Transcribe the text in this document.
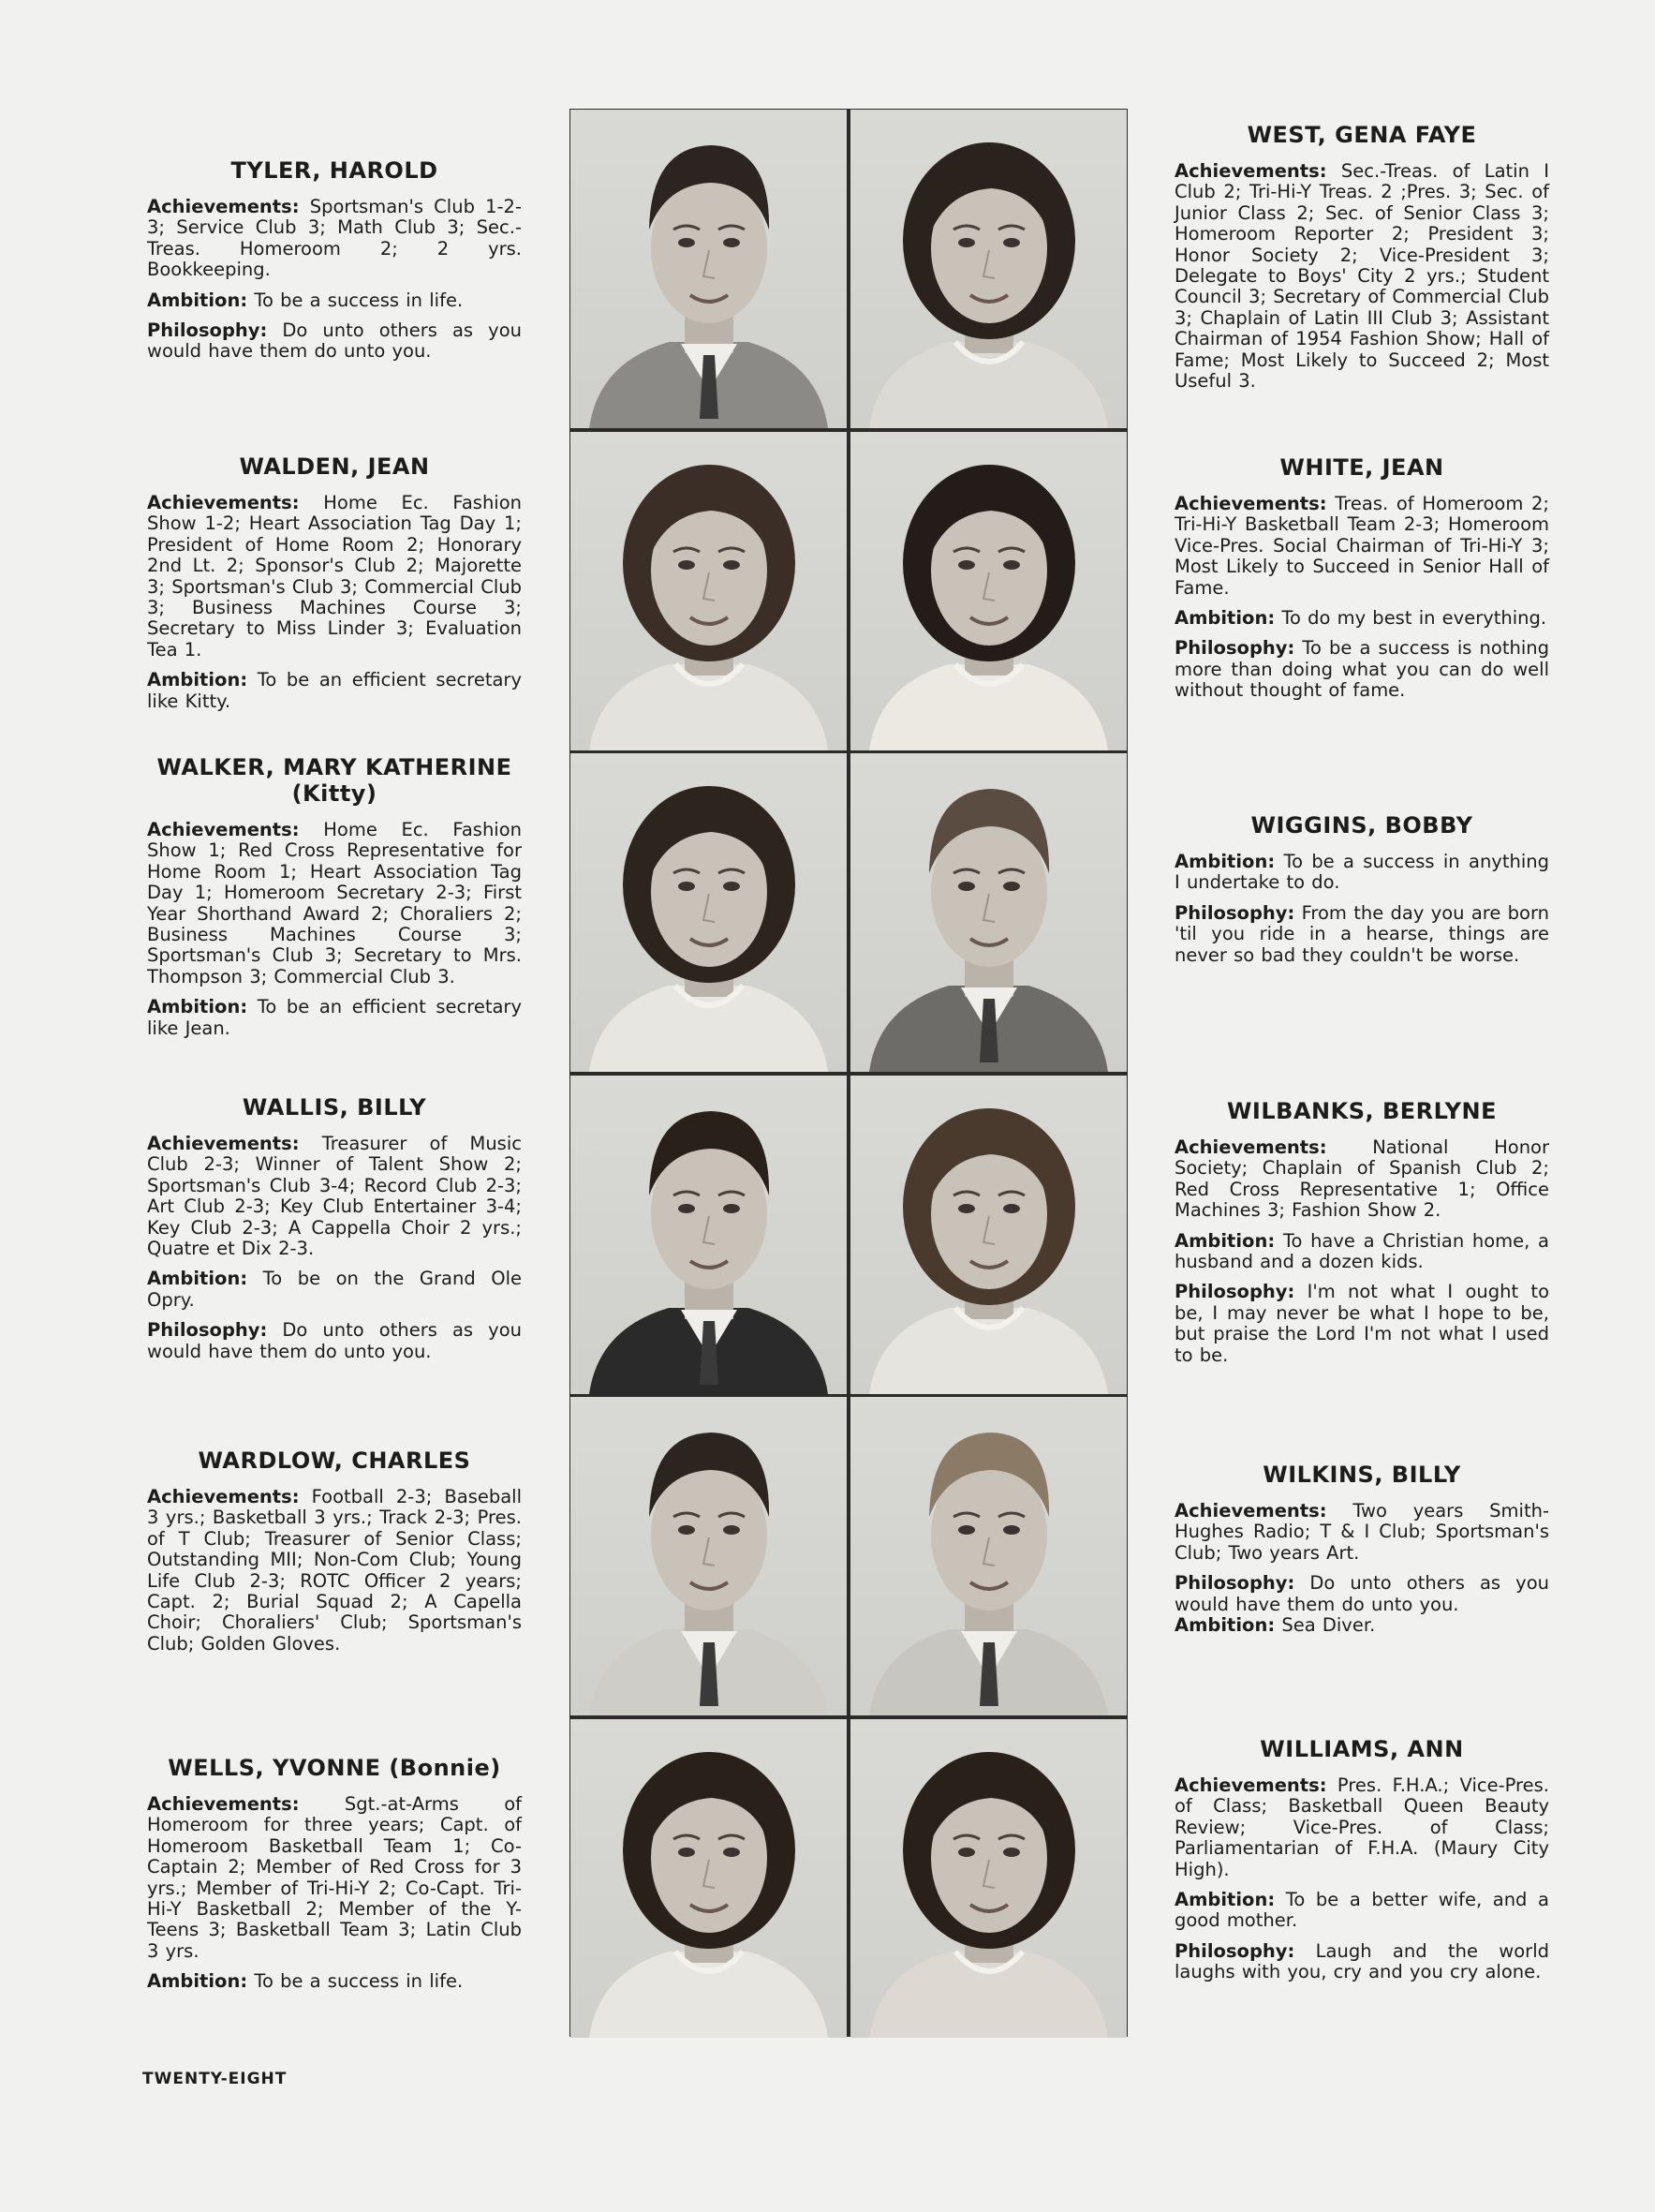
TYLER, HAROLD

Achievements: Sportsman's Club 1-2-3; Service Club 3; Math Club 3; Sec.-Treas. Homeroom 2; 2 yrs. Bookkeeping.

Ambition: To be a success in life.

Philosophy: Do unto others as you would have them do unto you.

WALDEN, JEAN

Achievements: Home Ec. Fashion Show 1-2; Heart Association Tag Day 1; President of Home Room 2; Honorary 2nd Lt. 2; Sponsor's Club 2; Majorette 3; Sportsman's Club 3; Commercial Club 3; Business Machines Course 3; Secretary to Miss Linder 3; Evaluation Tea 1.

Ambition: To be an efficient secretary like Kitty.

WALKER, MARY KATHERINE
(Kitty)

Achievements: Home Ec. Fashion Show 1; Red Cross Representative for Home Room 1; Heart Association Tag Day 1; Homeroom Secretary 2-3; First Year Shorthand Award 2; Choraliers 2; Business Machines Course 3; Sportsman's Club 3; Secretary to Mrs. Thompson 3; Commercial Club 3.

Ambition: To be an efficient secretary like Jean.

WALLIS, BILLY

Achievements: Treasurer of Music Club 2-3; Winner of Talent Show 2; Sportsman's Club 3-4; Record Club 2-3; Art Club 2-3; Key Club Entertainer 3-4; Key Club 2-3; A Cappella Choir 2 yrs.; Quatre et Dix 2-3.

Ambition: To be on the Grand Ole Opry.

Philosophy: Do unto others as you would have them do unto you.

WARDLOW, CHARLES

Achievements: Football 2-3; Baseball 3 yrs.; Basketball 3 yrs.; Track 2-3; Pres. of T Club; Treasurer of Senior Class; Outstanding MII; Non-Com Club; Young Life Club 2-3; ROTC Officer 2 years; Capt. 2; Burial Squad 2; A Capella Choir; Choraliers' Club; Sportsman's Club; Golden Gloves.

WELLS, YVONNE (Bonnie)

Achievements: Sgt.-at-Arms of Homeroom for three years; Capt. of Homeroom Basketball Team 1; Co-Captain 2; Member of Red Cross for 3 yrs.; Member of Tri-Hi-Y 2; Co-Capt. Tri-Hi-Y Basketball 2; Member of the Y-Teens 3; Basketball Team 3; Latin Club 3 yrs.

Ambition: To be a success in life.

WEST, GENA FAYE

Achievements: Sec.-Treas. of Latin I Club 2; Tri-Hi-Y Treas. 2 ;Pres. 3; Sec. of Junior Class 2; Sec. of Senior Class 3; Homeroom Reporter 2; President 3; Honor Society 2; Vice-President 3; Delegate to Boys' City 2 yrs.; Student Council 3; Secretary of Commercial Club 3; Chaplain of Latin III Club 3; Assistant Chairman of 1954 Fashion Show; Hall of Fame; Most Likely to Succeed 2; Most Useful 3.

WHITE, JEAN

Achievements: Treas. of Homeroom 2; Tri-Hi-Y Basketball Team 2-3; Homeroom Vice-Pres. Social Chairman of Tri-Hi-Y 3; Most Likely to Succeed in Senior Hall of Fame.

Ambition: To do my best in everything.

Philosophy: To be a success is nothing more than doing what you can do well without thought of fame.

WIGGINS, BOBBY

Ambition: To be a success in anything I undertake to do.

Philosophy: From the day you are born 'til you ride in a hearse, things are never so bad they couldn't be worse.

WILBANKS, BERLYNE

Achievements: National Honor Society; Chaplain of Spanish Club 2; Red Cross Representative 1; Office Machines 3; Fashion Show 2.

Ambition: To have a Christian home, a husband and a dozen kids.

Philosophy: I'm not what I ought to be, I may never be what I hope to be, but praise the Lord I'm not what I used to be.

WILKINS, BILLY

Achievements: Two years Smith-Hughes Radio; T & I Club; Sportsman's Club; Two years Art.

Philosophy: Do unto others as you would have them do unto you.

Ambition: Sea Diver.

WILLIAMS, ANN

Achievements: Pres. F.H.A.; Vice-Pres. of Class; Basketball Queen Beauty Review; Vice-Pres. of Class; Parliamentarian of F.H.A. (Maury City High).

Ambition: To be a better wife, and a good mother.

Philosophy: Laugh and the world laughs with you, cry and you cry alone.

TWENTY-EIGHT
